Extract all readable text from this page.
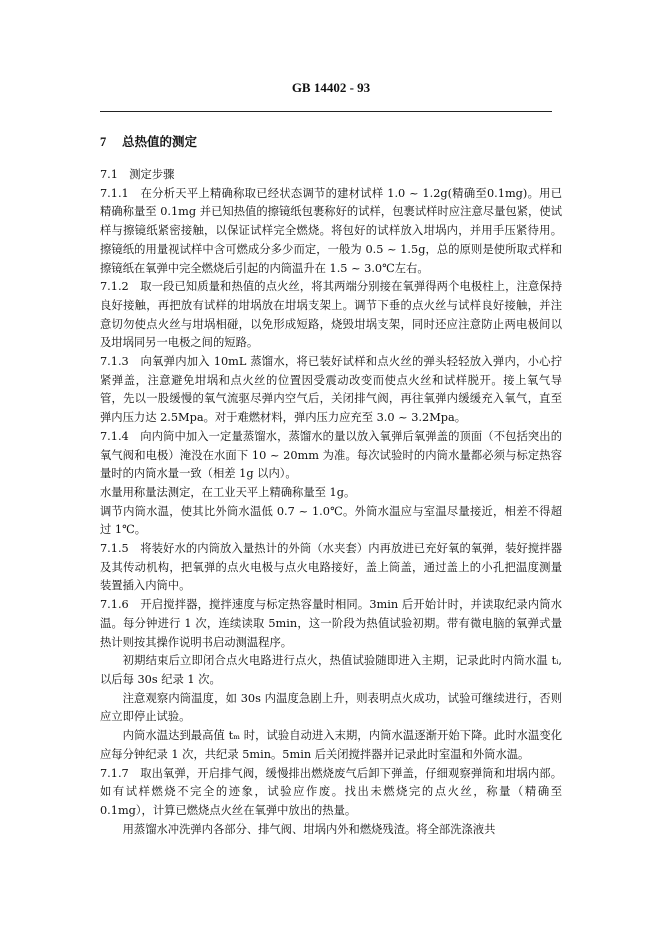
GB 14402 - 93
7 总热值的测定

7.1　测定步骤

7.1.1　在分析天平上精确称取已经状态调节的建材试样 1.0 ~ 1.2g(精确至0.1mg)。用已精确称量至 0.1mg 并已知热值的擦镜纸包裹称好的试样，包裹试样时应注意尽量包紧，使试样与擦镜纸紧密接触，以保证试样完全燃烧。将包好的试样放入坩埚内，并用手压紧待用。擦镜纸的用量视试样中含可燃成分多少而定，一般为 0.5 ~ 1.5g，总的原则是使所取式样和擦镜纸在氧弹中完全燃烧后引起的内筒温升在 1.5 ~ 3.0℃左右。

7.1.2　取一段已知质量和热值的点火丝，将其两端分别接在氧弹得两个电极柱上，注意保持良好接触，再把放有试样的坩埚放在坩埚支架上。调节下垂的点火丝与试样良好接触，并注意切勿使点火丝与坩埚相碰，以免形成短路，烧毁坩埚支架，同时还应注意防止两电极间以及坩埚同另一电极之间的短路。

7.1.3　向氧弹内加入 10mL 蒸馏水，将已装好试样和点火丝的弹头轻轻放入弹内，小心拧紧弹盖，注意避免坩埚和点火丝的位置因受震动改变而使点火丝和试样脱开。接上氧气导管，先以一股缓慢的氧气流驱尽弹内空气后，关闭排气阀，再往氧弹内缓缓充入氧气，直至弹内压力达 2.5Mpa。对于难燃材料，弹内压力应充至 3.0 ~ 3.2Mpa。

7.1.4　向内筒中加入一定量蒸馏水，蒸馏水的量以放入氧弹后氧弹盖的顶面（不包括突出的氧气阀和电极）淹没在水面下 10 ~ 20mm 为准。每次试验时的内筒水量都必须与标定热容量时的内筒水量一致（相差 1g 以内）。

水量用称量法测定，在工业天平上精确称量至 1g。

调节内筒水温，使其比外筒水温低 0.7 ~ 1.0℃。外筒水温应与室温尽量接近，相差不得超过 1℃。

7.1.5　将装好水的内筒放入量热计的外筒（水夹套）内再放进已充好氧的氧弹，装好搅拌器及其传动机构，把氧弹的点火电极与点火电路接好，盖上筒盖，通过盖上的小孔把温度测量装置插入内筒中。

7.1.6　开启搅拌器，搅拌速度与标定热容量时相同。3min 后开始计时，并读取纪录内筒水温。每分钟进行 1 次，连续读取 5min，这一阶段为热值试验初期。带有微电脑的氧弹式量热计则按其操作说明书启动测温程序。

初期结束后立即闭合点火电路进行点火，热值试验随即进入主期，记录此时内筒水温 tᵢ,以后每 30s 纪录 1 次。

注意观察内筒温度，如 30s 内温度急剧上升，则表明点火成功，试验可继续进行，否则应立即停止试验。

内筒水温达到最高值 tₘ 时，试验自动进入末期，内筒水温逐渐开始下降。此时水温变化应每分钟纪录 1 次，共纪录 5min。5min 后关闭搅拌器并记录此时室温和外筒水温。

7.1.7　取出氧弹，开启排气阀，缓慢排出燃烧废气后卸下弹盖，仔细观察弹筒和坩埚内部。如有试样燃烧不完全的迹象，试验应作废。找出未燃烧完的点火丝，称量（精确至 0.1mg），计算已燃烧点火丝在氧弹中放出的热量。

用蒸馏水冲洗弹内各部分、排气阀、坩埚内外和燃烧残渣。将全部洗涤液共
